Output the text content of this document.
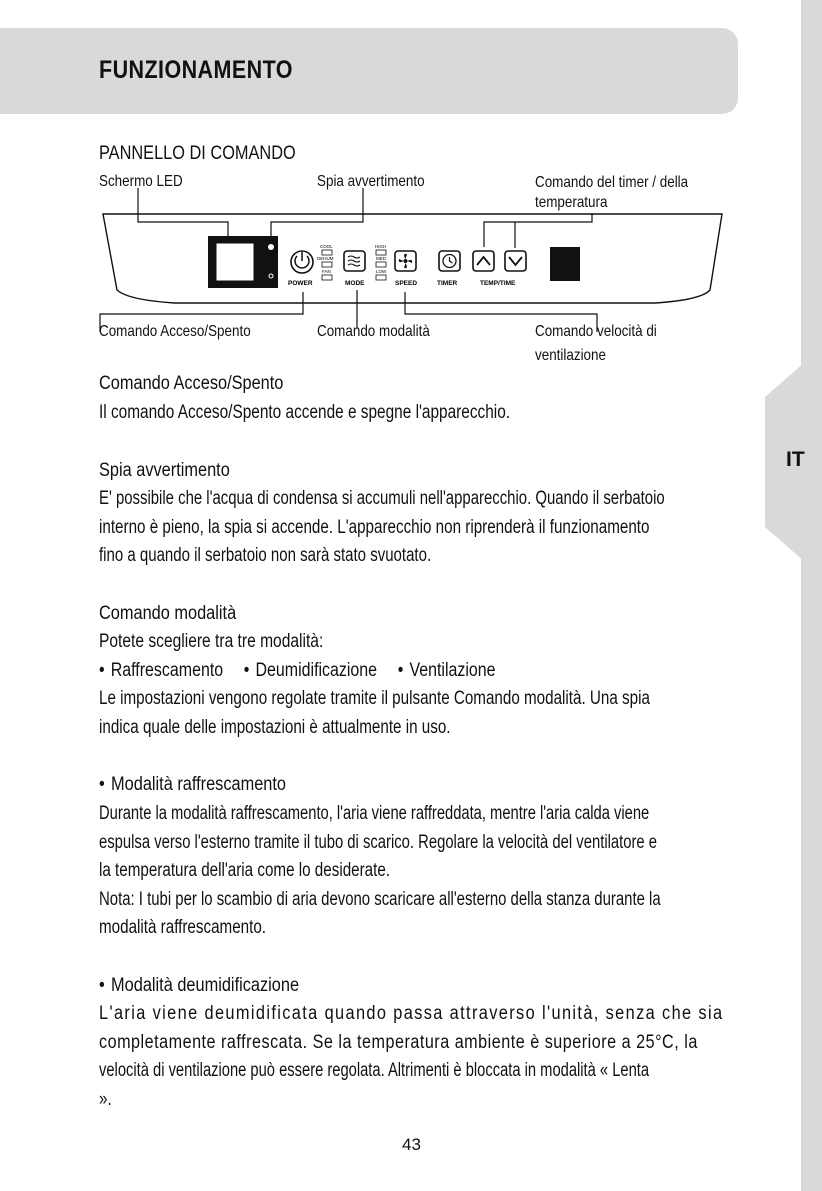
IT
FUNZIONAMENTO
PANNELLO DI COMANDO
Schermo LED	Spia avvertimento	Comando del timer / della
temperatura
POWER
COOL
DEHUM
FAN
MODE
HIGH
MED
LOW
SPEED	TIMER	TEMP/TIME
Comando Acceso/Spento	Comando modalità	Comando velocità di
ventilazione
Comando Acceso/Spento
Il comando Acceso/Spento accende e spegne l'apparecchio.
Spia avvertimento
E' possibile che l'acqua di condensa si accumuli nell'apparecchio. Quando il serbatoio
interno è pieno, la spia si accende. L'apparecchio non riprenderà il funzionamento
fino a quando il serbatoio non sarà stato svuotato.
Comando modalità
Potete scegliere tra tre modalità:
• Raffrescamento • Deumidificazione • Ventilazione
Le impostazioni vengono regolate tramite il pulsante Comando modalità. Una spia
indica quale delle impostazioni è attualmente in uso.
• Modalità raffrescamento
Durante la modalità raffrescamento, l'aria viene raffreddata, mentre l'aria calda viene
espulsa verso l'esterno tramite il tubo di scarico. Regolare la velocità del ventilatore e
la temperatura dell'aria come lo desiderate.
Nota: I tubi per lo scambio di aria devono scaricare all'esterno della stanza durante la
modalità raffrescamento.
• Modalità deumidificazione
L'aria viene deumidificata quando passa attraverso l'unità, senza che sia
completamente raffrescata. Se la temperatura ambiente è superiore a 25°C, la
velocità di ventilazione può essere regolata. Altrimenti è bloccata in modalità « Lenta
».
43
